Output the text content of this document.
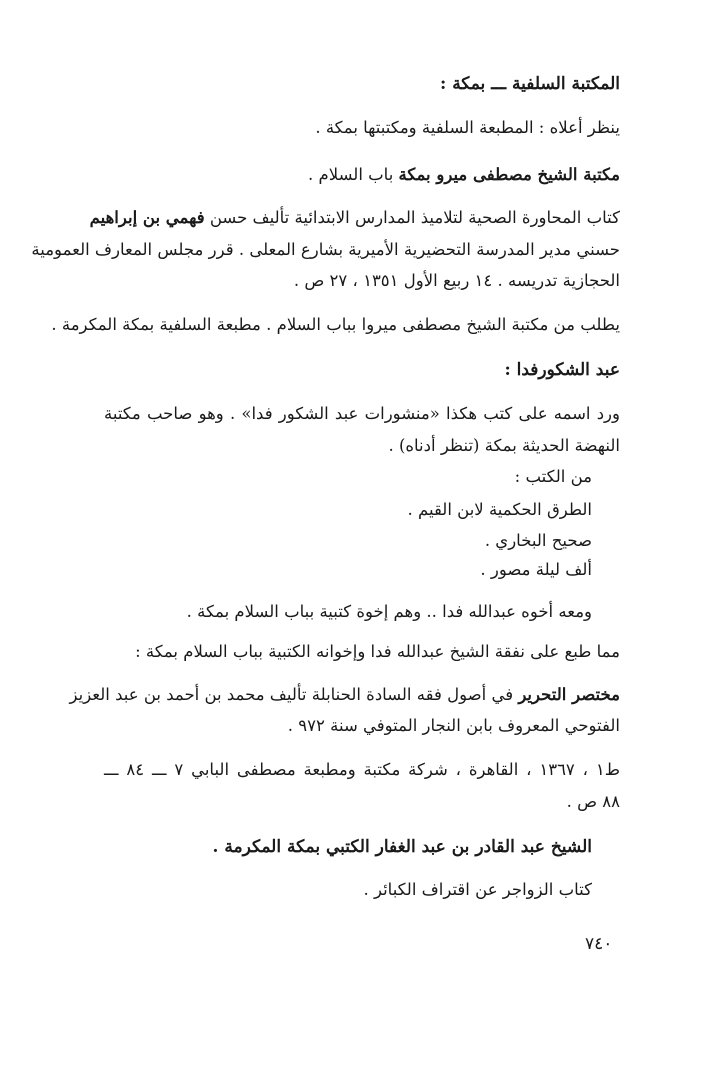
المكتبة السلفية ـــ بمكة :
ينظر أعلاه : المطبعة السلفية ومكتبتها بمكة .
مكتبة الشيخ مصطفى ميرو بمكة باب السلام .
كتاب المحاورة الصحية لتلاميذ المدارس الابتدائية تأليف حسن فهمي بن إبراهيم
حسني مدير المدرسة التحضيرية الأميرية بشارع المعلى . قرر مجلس المعارف العمومية
الحجازية تدريسه . ١٤ ربيع الأول ١٣٥١ ، ٢٧ ص .
يطلب من مكتبة الشيخ مصطفى ميروا بباب السلام . مطبعة السلفية بمكة المكرمة .
عبد الشكورفدا :
ورد اسمه على كتب هكذا «منشورات عبد الشكور فدا» . وهو صاحب مكتبة
النهضة الحديثة بمكة (تنظر أدناه) .
من الكتب :
الطرق الحكمية لابن القيم .
صحيح البخاري .
ألف ليلة مصور .
ومعه أخوه عبدالله فدا .. وهم إخوة كتبية بباب السلام بمكة .
مما طبع على نفقة الشيخ عبدالله فدا وإخوانه الكتبية بباب السلام بمكة :
مختصر التحرير في أصول فقه السادة الحنابلة تأليف محمد بن أحمد بن عبد العزيز
الفتوحي المعروف بابن النجار المتوفي سنة ٩٧٢ .
ط١ ، ١٣٦٧ ، القاهرة ، شركة مكتبة ومطبعة مصطفى البابي ٧ ـــ ٨٤ ـــ
٨٨ ص .
الشيخ عبد القادر بن عبد الغفار الكتبي بمكة المكرمة .
كتاب الزواجر عن اقتراف الكبائر .
٧٤٠
